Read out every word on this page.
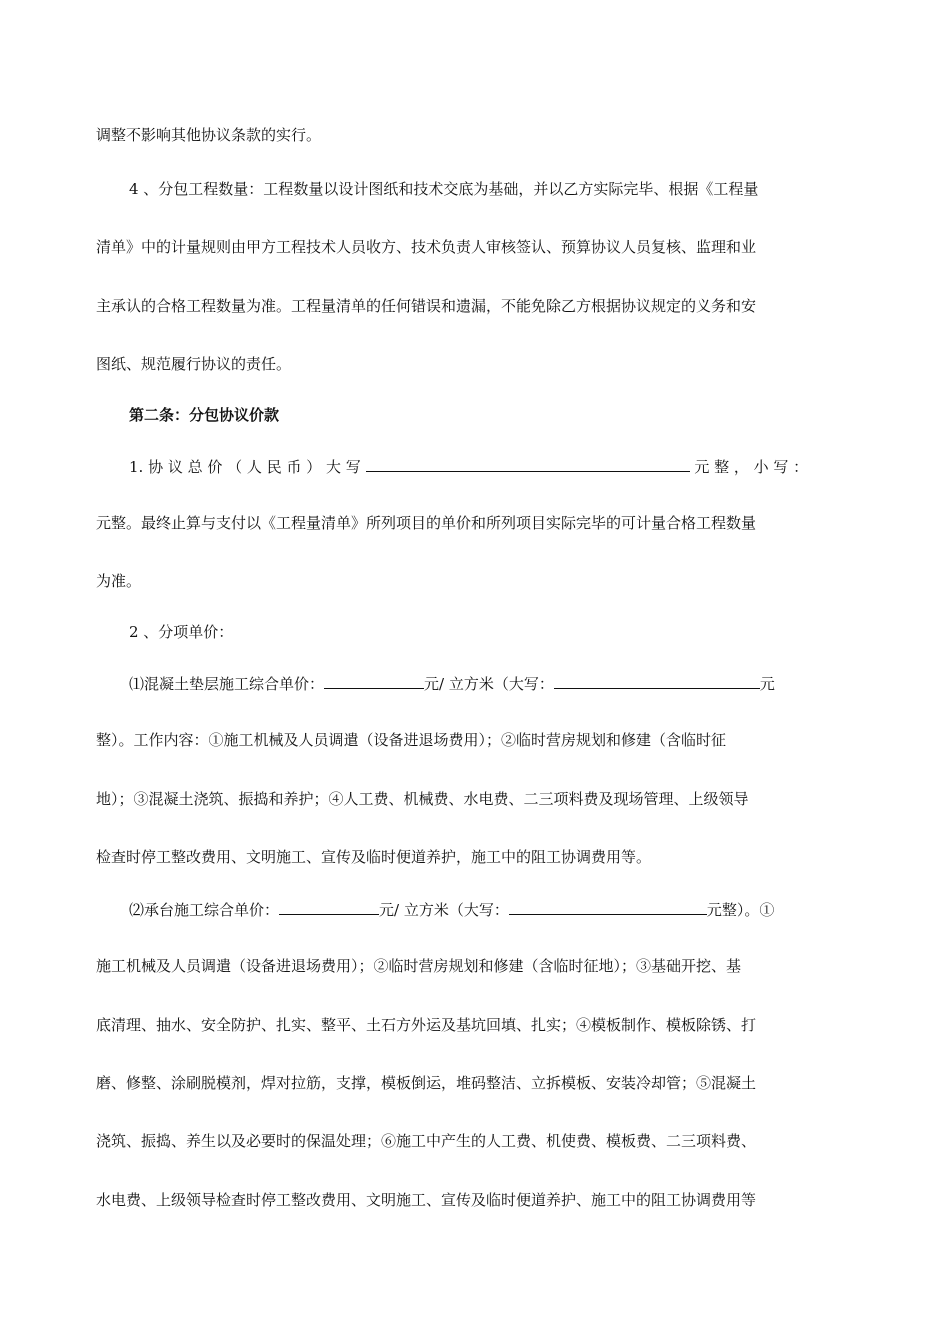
调整不影响其他协议条款的实行。
4 、分包工程数量：工程数量以设计图纸和技术交底为基础，并以乙方实际完毕、根据《工程量
清单》中的计量规则由甲方工程技术人员收方、技术负责人审核签认、预算协议人员复核、监理和业
主承认的合格工程数量为准。工程量清单的任何错误和遗漏，不能免除乙方根据协议规定的义务和安
图纸、规范履行协议的责任。
第二条：分包协议价款
1. 协 议 总 价 （ 人 民 币 ） 大 写	元 整 ， 小 写 ：
元整。最终止算与支付以《工程量清单》所列项目的单价和所列项目实际完毕的可计量合格工程数量
为准。
2 、分项单价：
⑴混凝土垫层施工综合单价：	元/ 立方米（大写：	元
整）。工作内容：①施工机械及人员调遣（设备进退场费用）；②临时营房规划和修建（含临时征
地）；③混凝土浇筑、振捣和养护；④人工费、机械费、水电费、二三项料费及现场管理、上级领导
检查时停工整改费用、文明施工、宣传及临时便道养护，施工中的阻工协调费用等。
⑵承台施工综合单价：	元/ 立方米（大写：	元整）。①
施工机械及人员调遣（设备进退场费用）；②临时营房规划和修建（含临时征地）；③基础开挖、基
底清理、抽水、安全防护、扎实、整平、土石方外运及基坑回填、扎实；④模板制作、模板除锈、打
磨、修整、涂刷脱模剂，焊对拉筋，支撑，模板倒运，堆码整洁、立拆模板、安装冷却管；⑤混凝土
浇筑、振捣、养生以及必要时的保温处理；⑥施工中产生的人工费、机使费、模板费、二三项料费、
水电费、上级领导检查时停工整改费用、文明施工、宣传及临时便道养护、施工中的阻工协调费用等
